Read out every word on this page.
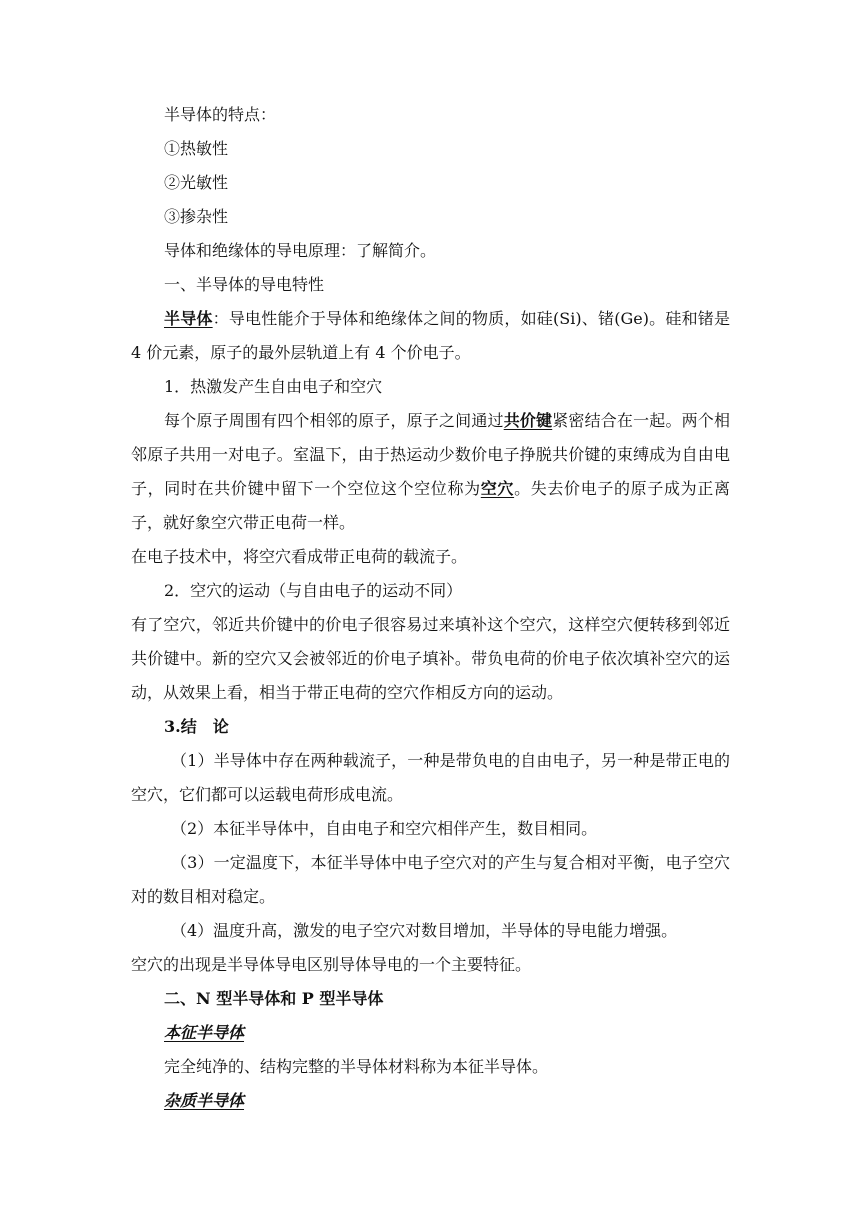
半导体的特点：

①热敏性

②光敏性

③掺杂性

导体和绝缘体的导电原理：了解简介。

一、半导体的导电特性

半导体：导电性能介于导体和绝缘体之间的物质，如硅(Si)、锗(Ge)。硅和锗是 4 价元素，原子的最外层轨道上有 4 个价电子。

1．热激发产生自由电子和空穴

每个原子周围有四个相邻的原子，原子之间通过共价键紧密结合在一起。两个相邻原子共用一对电子。室温下，由于热运动少数价电子挣脱共价键的束缚成为自由电子，同时在共价键中留下一个空位这个空位称为空穴。失去价电子的原子成为正离子，就好象空穴带正电荷一样。

在电子技术中，将空穴看成带正电荷的载流子。

2．空穴的运动（与自由电子的运动不同）

有了空穴，邻近共价键中的价电子很容易过来填补这个空穴，这样空穴便转移到邻近共价键中。新的空穴又会被邻近的价电子填补。带负电荷的价电子依次填补空穴的运动，从效果上看，相当于带正电荷的空穴作相反方向的运动。

3.结　论

（1）半导体中存在两种载流子，一种是带负电的自由电子，另一种是带正电的空穴，它们都可以运载电荷形成电流。

（2）本征半导体中，自由电子和空穴相伴产生，数目相同。

（3）一定温度下，本征半导体中电子空穴对的产生与复合相对平衡，电子空穴对的数目相对稳定。

（4）温度升高，激发的电子空穴对数目增加，半导体的导电能力增强。

空穴的出现是半导体导电区别导体导电的一个主要特征。

二、N 型半导体和 P 型半导体

本征半导体

完全纯净的、结构完整的半导体材料称为本征半导体。

杂质半导体
